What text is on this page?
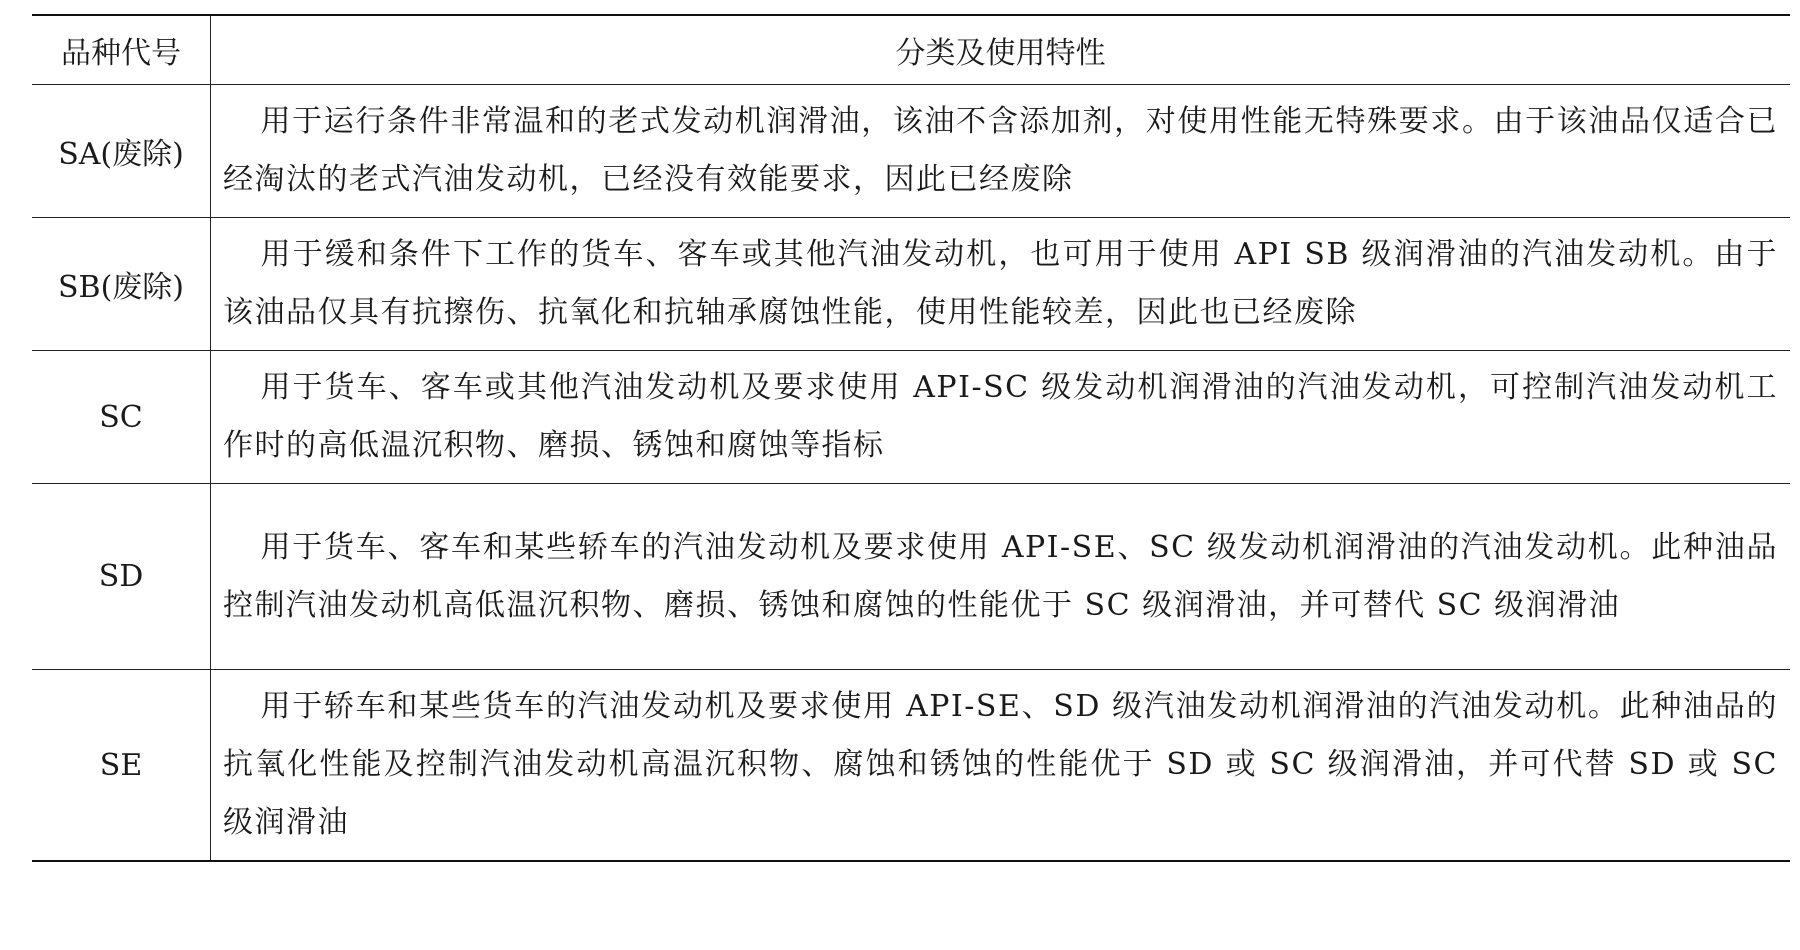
品种代号	分类及使用特性
SA(废除)	用于运行条件非常温和的老式发动机润滑油，该油不含添加剂，对使用性能无特殊要求。由于该油品仅适合已经淘汰的老式汽油发动机，已经没有效能要求，因此已经废除

SB(废除)	用于缓和条件下工作的货车、客车或其他汽油发动机，也可用于使用 API SB 级润滑油的汽油发动机。由于该油品仅具有抗擦伤、抗氧化和抗轴承腐蚀性能，使用性能较差，因此也已经废除

SC	用于货车、客车或其他汽油发动机及要求使用 API-SC 级发动机润滑油的汽油发动机，可控制汽油发动机工作时的高低温沉积物、磨损、锈蚀和腐蚀等指标

SD	用于货车、客车和某些轿车的汽油发动机及要求使用 API-SE、SC 级发动机润滑油的汽油发动机。此种油品控制汽油发动机高低温沉积物、磨损、锈蚀和腐蚀的性能优于 SC 级润滑油，并可替代 SC 级润滑油

SE	用于轿车和某些货车的汽油发动机及要求使用 API-SE、SD 级汽油发动机润滑油的汽油发动机。此种油品的抗氧化性能及控制汽油发动机高温沉积物、腐蚀和锈蚀的性能优于 SD 或 SC 级润滑油，并可代替 SD 或 SC 级润滑油
